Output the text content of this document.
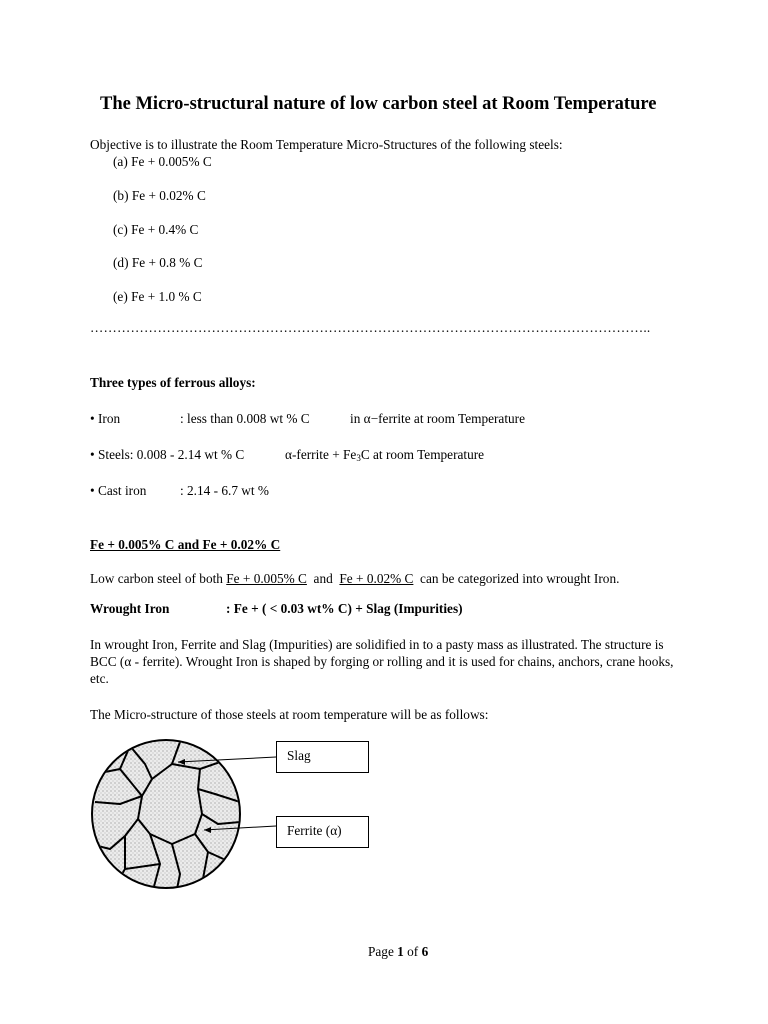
The Micro-structural nature of low carbon steel at Room Temperature
Objective is to illustrate the Room Temperature Micro-Structures of the following steels:
(a) Fe + 0.005% C
(b) Fe + 0.02% C
(c) Fe + 0.4% C
(d) Fe + 0.8 % C
(e) Fe + 1.0 % C
……………………………………………………………………………………………………………..
Three types of ferrous alloys:
• Iron	: less than 0.008 wt % C	in α−ferrite at room Temperature
• Steels: 0.008 - 2.14 wt % C	α-ferrite + $Fe_3C$ at room Temperature
• Cast iron	: 2.14 - 6.7 wt %
Fe + 0.005% C and Fe + 0.02% C
Low carbon steel of both Fe + 0.005% C  and  Fe + 0.02% C  can be categorized into wrought Iron.
Wrought Iron	: Fe + ( < 0.03 wt% C) + Slag (Impurities)
In wrought Iron, Ferrite and Slag (Impurities) are solidified in to a pasty mass as illustrated. The structure is BCC (α - ferrite). Wrought Iron is shaped by forging or rolling and it is used for chains, anchors, crane hooks, etc.
The Micro-structure of those steels at room temperature will be as follows:
Slag
Ferrite (α)
Page 1 of 6
